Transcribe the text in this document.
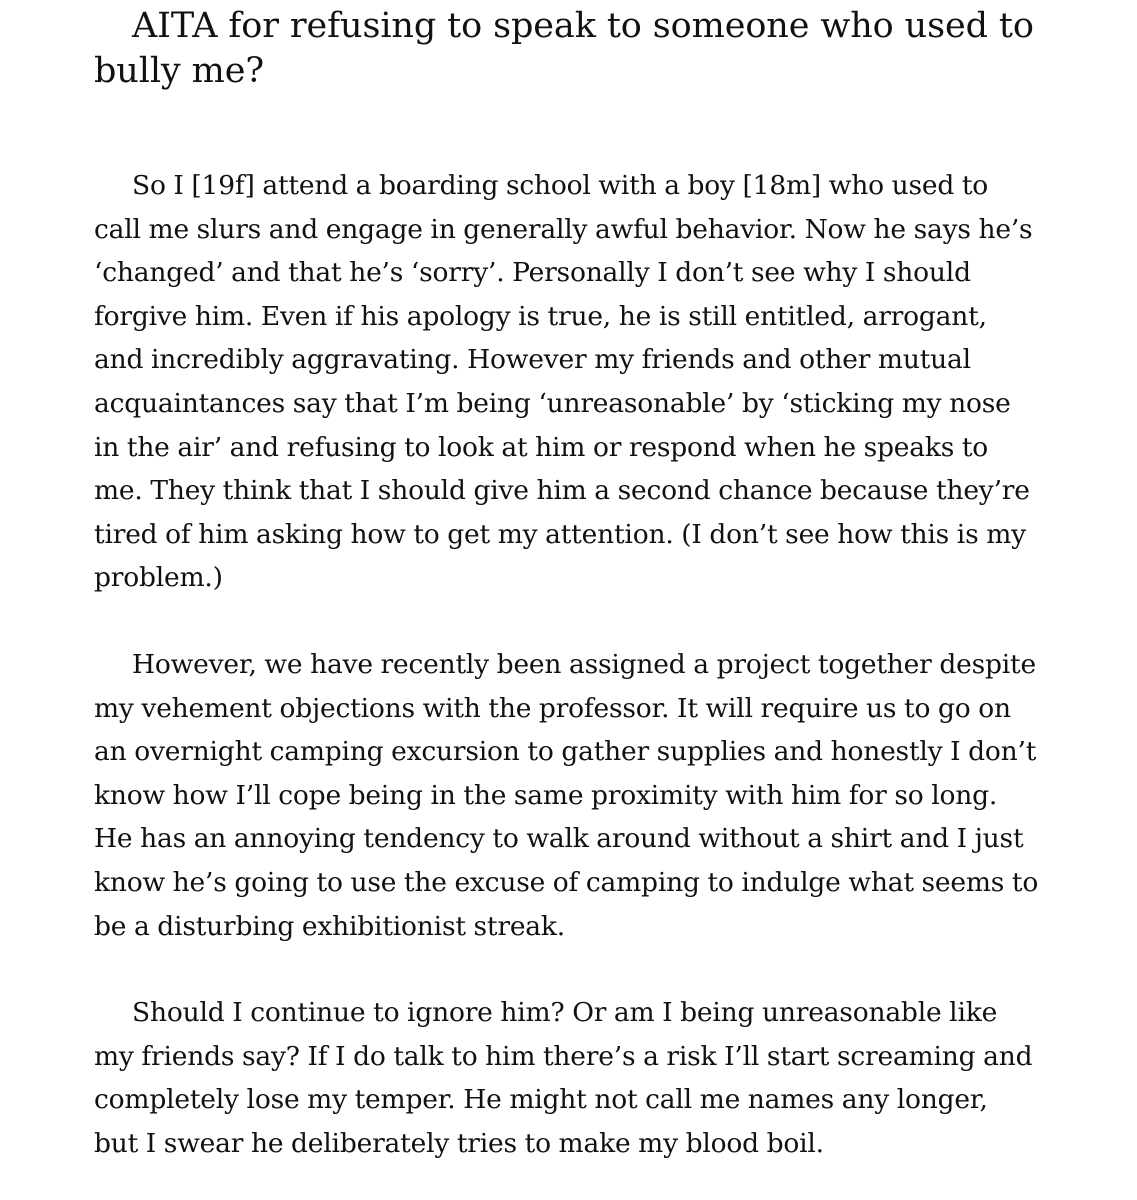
AITA for refusing to speak to someone who used to bully me?

So I [19f] attend a boarding school with a boy [18m] who used to call me slurs and engage in generally awful behavior. Now he says he’s ‘changed’ and that he’s ‘sorry’. Personally I don’t see why I should forgive him. Even if his apology is true, he is still entitled, arrogant, and incredibly aggravating. However my friends and other mutual acquaintances say that I’m being ‘unreasonable’ by ‘sticking my nose in the air’ and refusing to look at him or respond when he speaks to me. They think that I should give him a second chance because they’re tired of him asking how to get my attention. (I don’t see how this is my problem.)

However, we have recently been assigned a project together despite my vehement objections with the professor. It will require us to go on an overnight camping excursion to gather supplies and honestly I don’t know how I’ll cope being in the same proximity with him for so long. He has an annoying tendency to walk around without a shirt and I just know he’s going to use the excuse of camping to indulge what seems to be a disturbing exhibitionist streak.

Should I continue to ignore him? Or am I being unreasonable like my friends say? If I do talk to him there’s a risk I’ll start screaming and completely lose my temper. He might not call me names any longer, but I swear he deliberately tries to make my blood boil.
